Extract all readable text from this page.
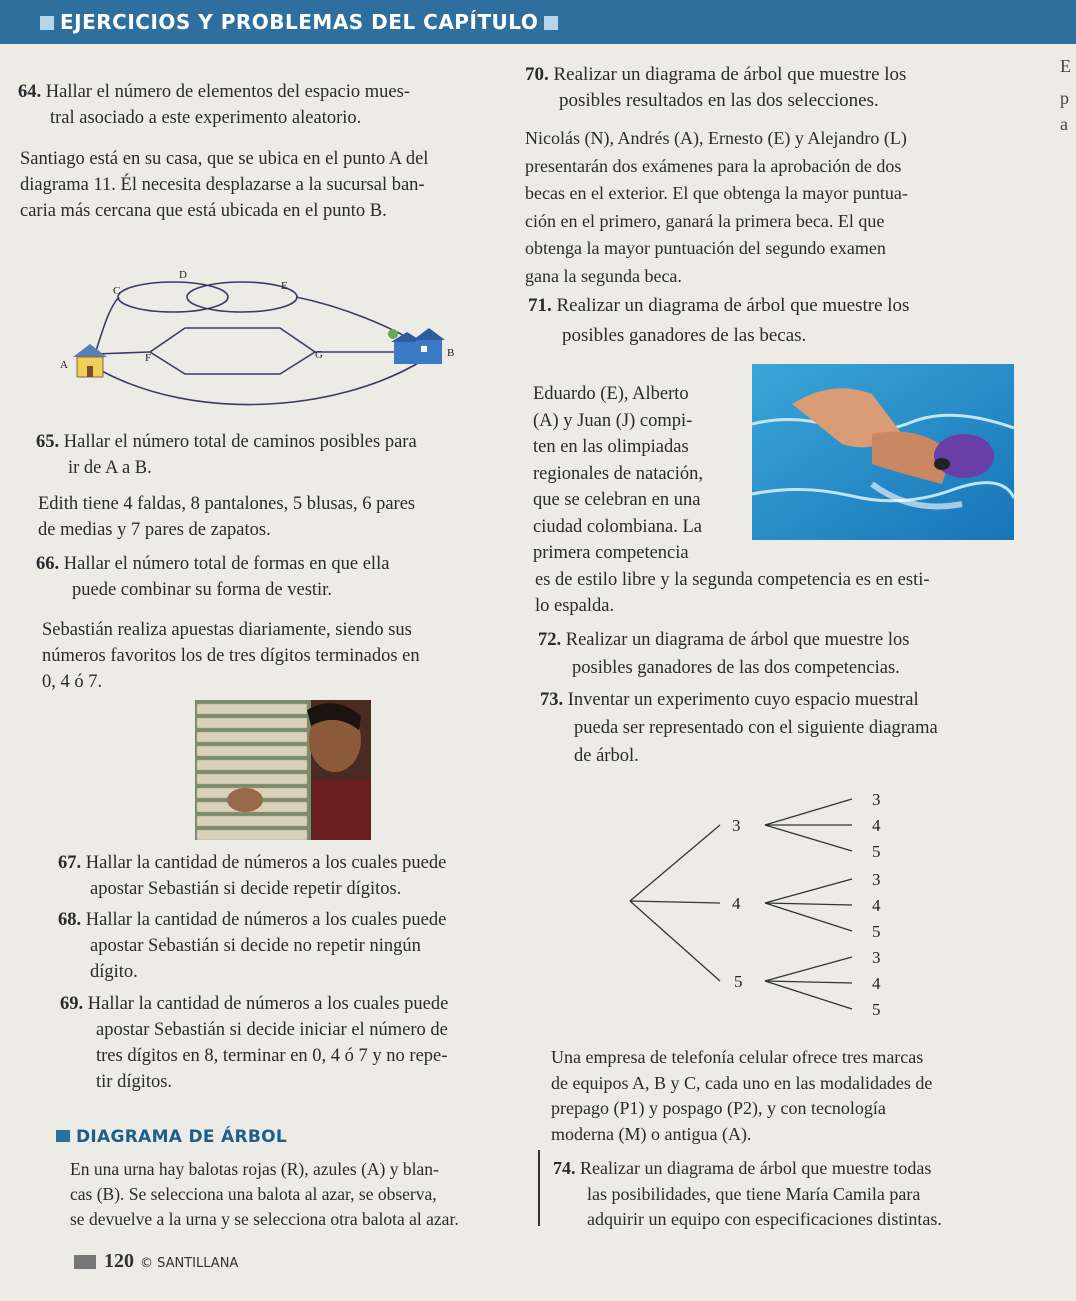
EJERCICIOS Y PROBLEMAS DEL CAPÍTULO
64. Hallar el número de elementos del espacio mues-
tral asociado a este experimento aleatorio.
Santiago está en su casa, que se ubica en el punto A del
diagrama 11. Él necesita desplazarse a la sucursal ban-
caria más cercana que está ubicada en el punto B.
C
D
E
F	G
A
B
65. Hallar el número total de caminos posibles para
ir de A a B.
Edith tiene 4 faldas, 8 pantalones, 5 blusas, 6 pares
de medias y 7 pares de zapatos.
66. Hallar el número total de formas en que ella
puede combinar su forma de vestir.
Sebastián realiza apuestas diariamente, siendo sus
números favoritos los de tres dígitos terminados en
0, 4 ó 7.
67. Hallar la cantidad de números a los cuales puede
apostar Sebastián si decide repetir dígitos.
68. Hallar la cantidad de números a los cuales puede
apostar Sebastián si decide no repetir ningún
dígito.
69. Hallar la cantidad de números a los cuales puede
apostar Sebastián si decide iniciar el número de
tres dígitos en 8, terminar en 0, 4 ó 7 y no repe-
tir dígitos.
DIAGRAMA DE ÁRBOL
En una urna hay balotas rojas (R), azules (A) y blan-
cas (B). Se selecciona una balota al azar, se observa,
se devuelve a la urna y se selecciona otra balota al azar.
70. Realizar un diagrama de árbol que muestre los
posibles resultados en las dos selecciones.
Nicolás (N), Andrés (A), Ernesto (E) y Alejandro (L)
presentarán dos exámenes para la aprobación de dos
becas en el exterior. El que obtenga la mayor puntua-
ción en el primero, ganará la primera beca. El que
obtenga la mayor puntuación del segundo examen
gana la segunda beca.
71. Realizar un diagrama de árbol que muestre los
posibles ganadores de las becas.
Eduardo (E), Alberto
(A) y Juan (J) compi-
ten en las olimpiadas
regionales de natación,
que se celebran en una
ciudad colombiana. La
primera competencia
es de estilo libre y la segunda competencia es en esti-
lo espalda.
72. Realizar un diagrama de árbol que muestre los
posibles ganadores de las dos competencias.
73. Inventar un experimento cuyo espacio muestral
pueda ser representado con el siguiente diagrama
de árbol.
3
4
5
3
4
5
3
4
5
3
4
5
Una empresa de telefonía celular ofrece tres marcas
de equipos A, B y C, cada uno en las modalidades de
prepago (P1) y pospago (P2), y con tecnología
moderna (M) o antigua (A).
74. Realizar un diagrama de árbol que muestre todas
las posibilidades, que tiene María Camila para
adquirir un equipo con especificaciones distintas.
E
p
a
120 © SANTILLANA
